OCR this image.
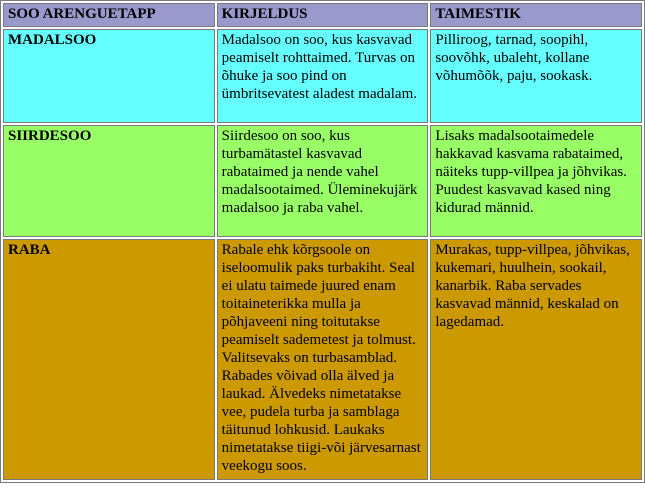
SOO ARENGUETAPP	KIRJELDUS	TAIMESTIK
MADALSOO	Madalsoo on soo, kus kasvavad peamiselt rohttaimed. Turvas on õhuke ja soo pind on ümbritsevatest aladest madalam.	Pilliroog, tarnad, soopihl, soovõhk, ubaleht, kollane võhumõõk, paju, sookask.
SIIRDESOO	Siirdesoo on soo, kus turbamätastel kasvavad rabataimed ja nende vahel madalsootaimed. Üleminekujärk madalsoo ja raba vahel.	Lisaks madalsootaimedele hakkavad kasvama rabataimed, näiteks tupp-villpea ja jõhvikas. Puudest kasvavad kased ning kidurad männid.
RABA	Rabale ehk kõrgsoole on iseloomulik paks turbakiht. Seal ei ulatu taimede juured enam toitaineterikka mulla ja põhjaveeni ning toitutakse peamiselt sademetest ja tolmust. Valitsevaks on turbasamblad. Rabades võivad olla älved ja laukad. Älvedeks nimetatakse vee, pudela turba ja samblaga täitunud lohkusid. Laukaks nimetatakse tiigi-või järvesarnast veekogu soos.	Murakas, tupp-villpea, jõhvikas, kukemari, huulhein, sookail, kanarbik. Raba servades kasvavad männid, keskalad on lagedamad.
